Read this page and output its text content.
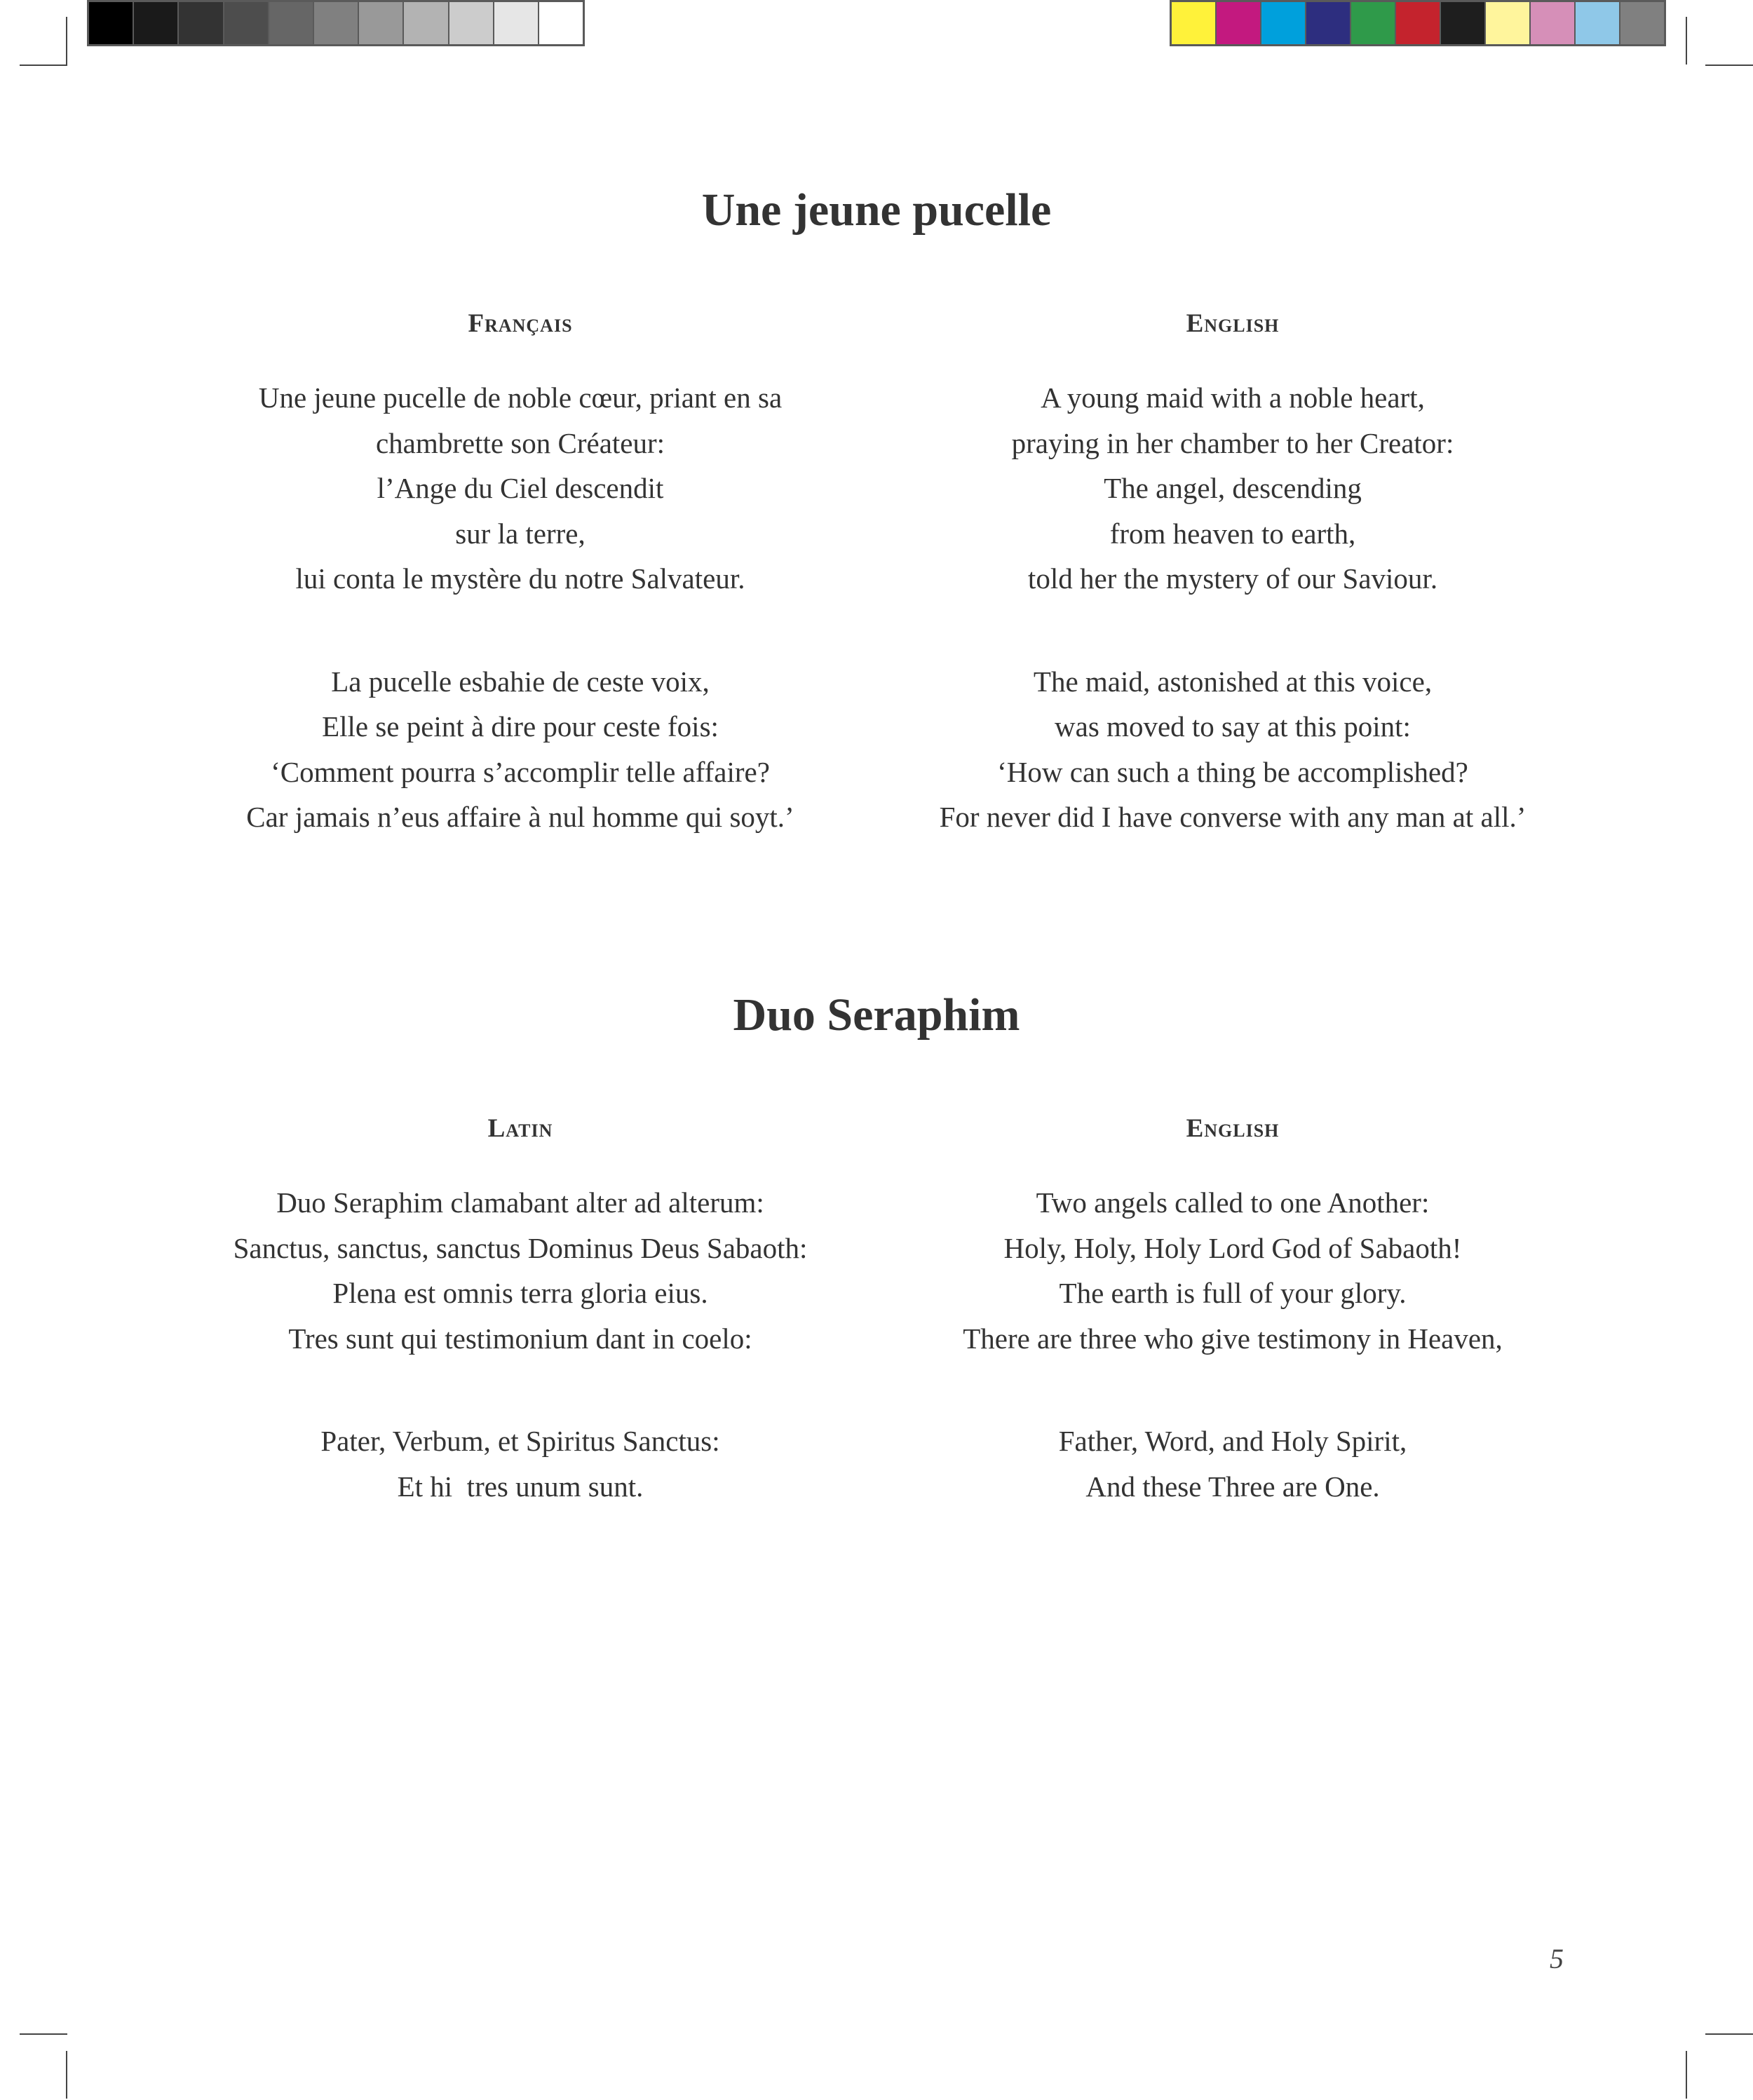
Une jeune pucelle
Français
Une jeune pucelle de noble cœur, priant en sa
chambrette son Créateur:
l’Ange du Ciel descendit
sur la terre,
lui conta le mystère du notre Salvateur.
La pucelle esbahie de ceste voix,
Elle se peint à dire pour ceste fois:
‘Comment pourra s’accomplir telle affaire?
Car jamais n’eus affaire à nul homme qui soyt.’
English
A young maid with a noble heart,
praying in her chamber to her Creator:
The angel, descending
from heaven to earth,
told her the mystery of our Saviour.
The maid, astonished at this voice,
was moved to say at this point:
‘How can such a thing be accomplished?
For never did I have converse with any man at all.’
Duo Seraphim
Latin
Duo Seraphim clamabant alter ad alterum:
Sanctus, sanctus, sanctus Dominus Deus Sabaoth:
Plena est omnis terra gloria eius.
Tres sunt qui testimonium dant in coelo:
Pater, Verbum, et Spiritus Sanctus:
Et hi  tres unum sunt.
English
Two angels called to one Another:
Holy, Holy, Holy Lord God of Sabaoth!
The earth is full of your glory.
There are three who give testimony in Heaven,
Father, Word, and Holy Spirit,
And these Three are One.
5
